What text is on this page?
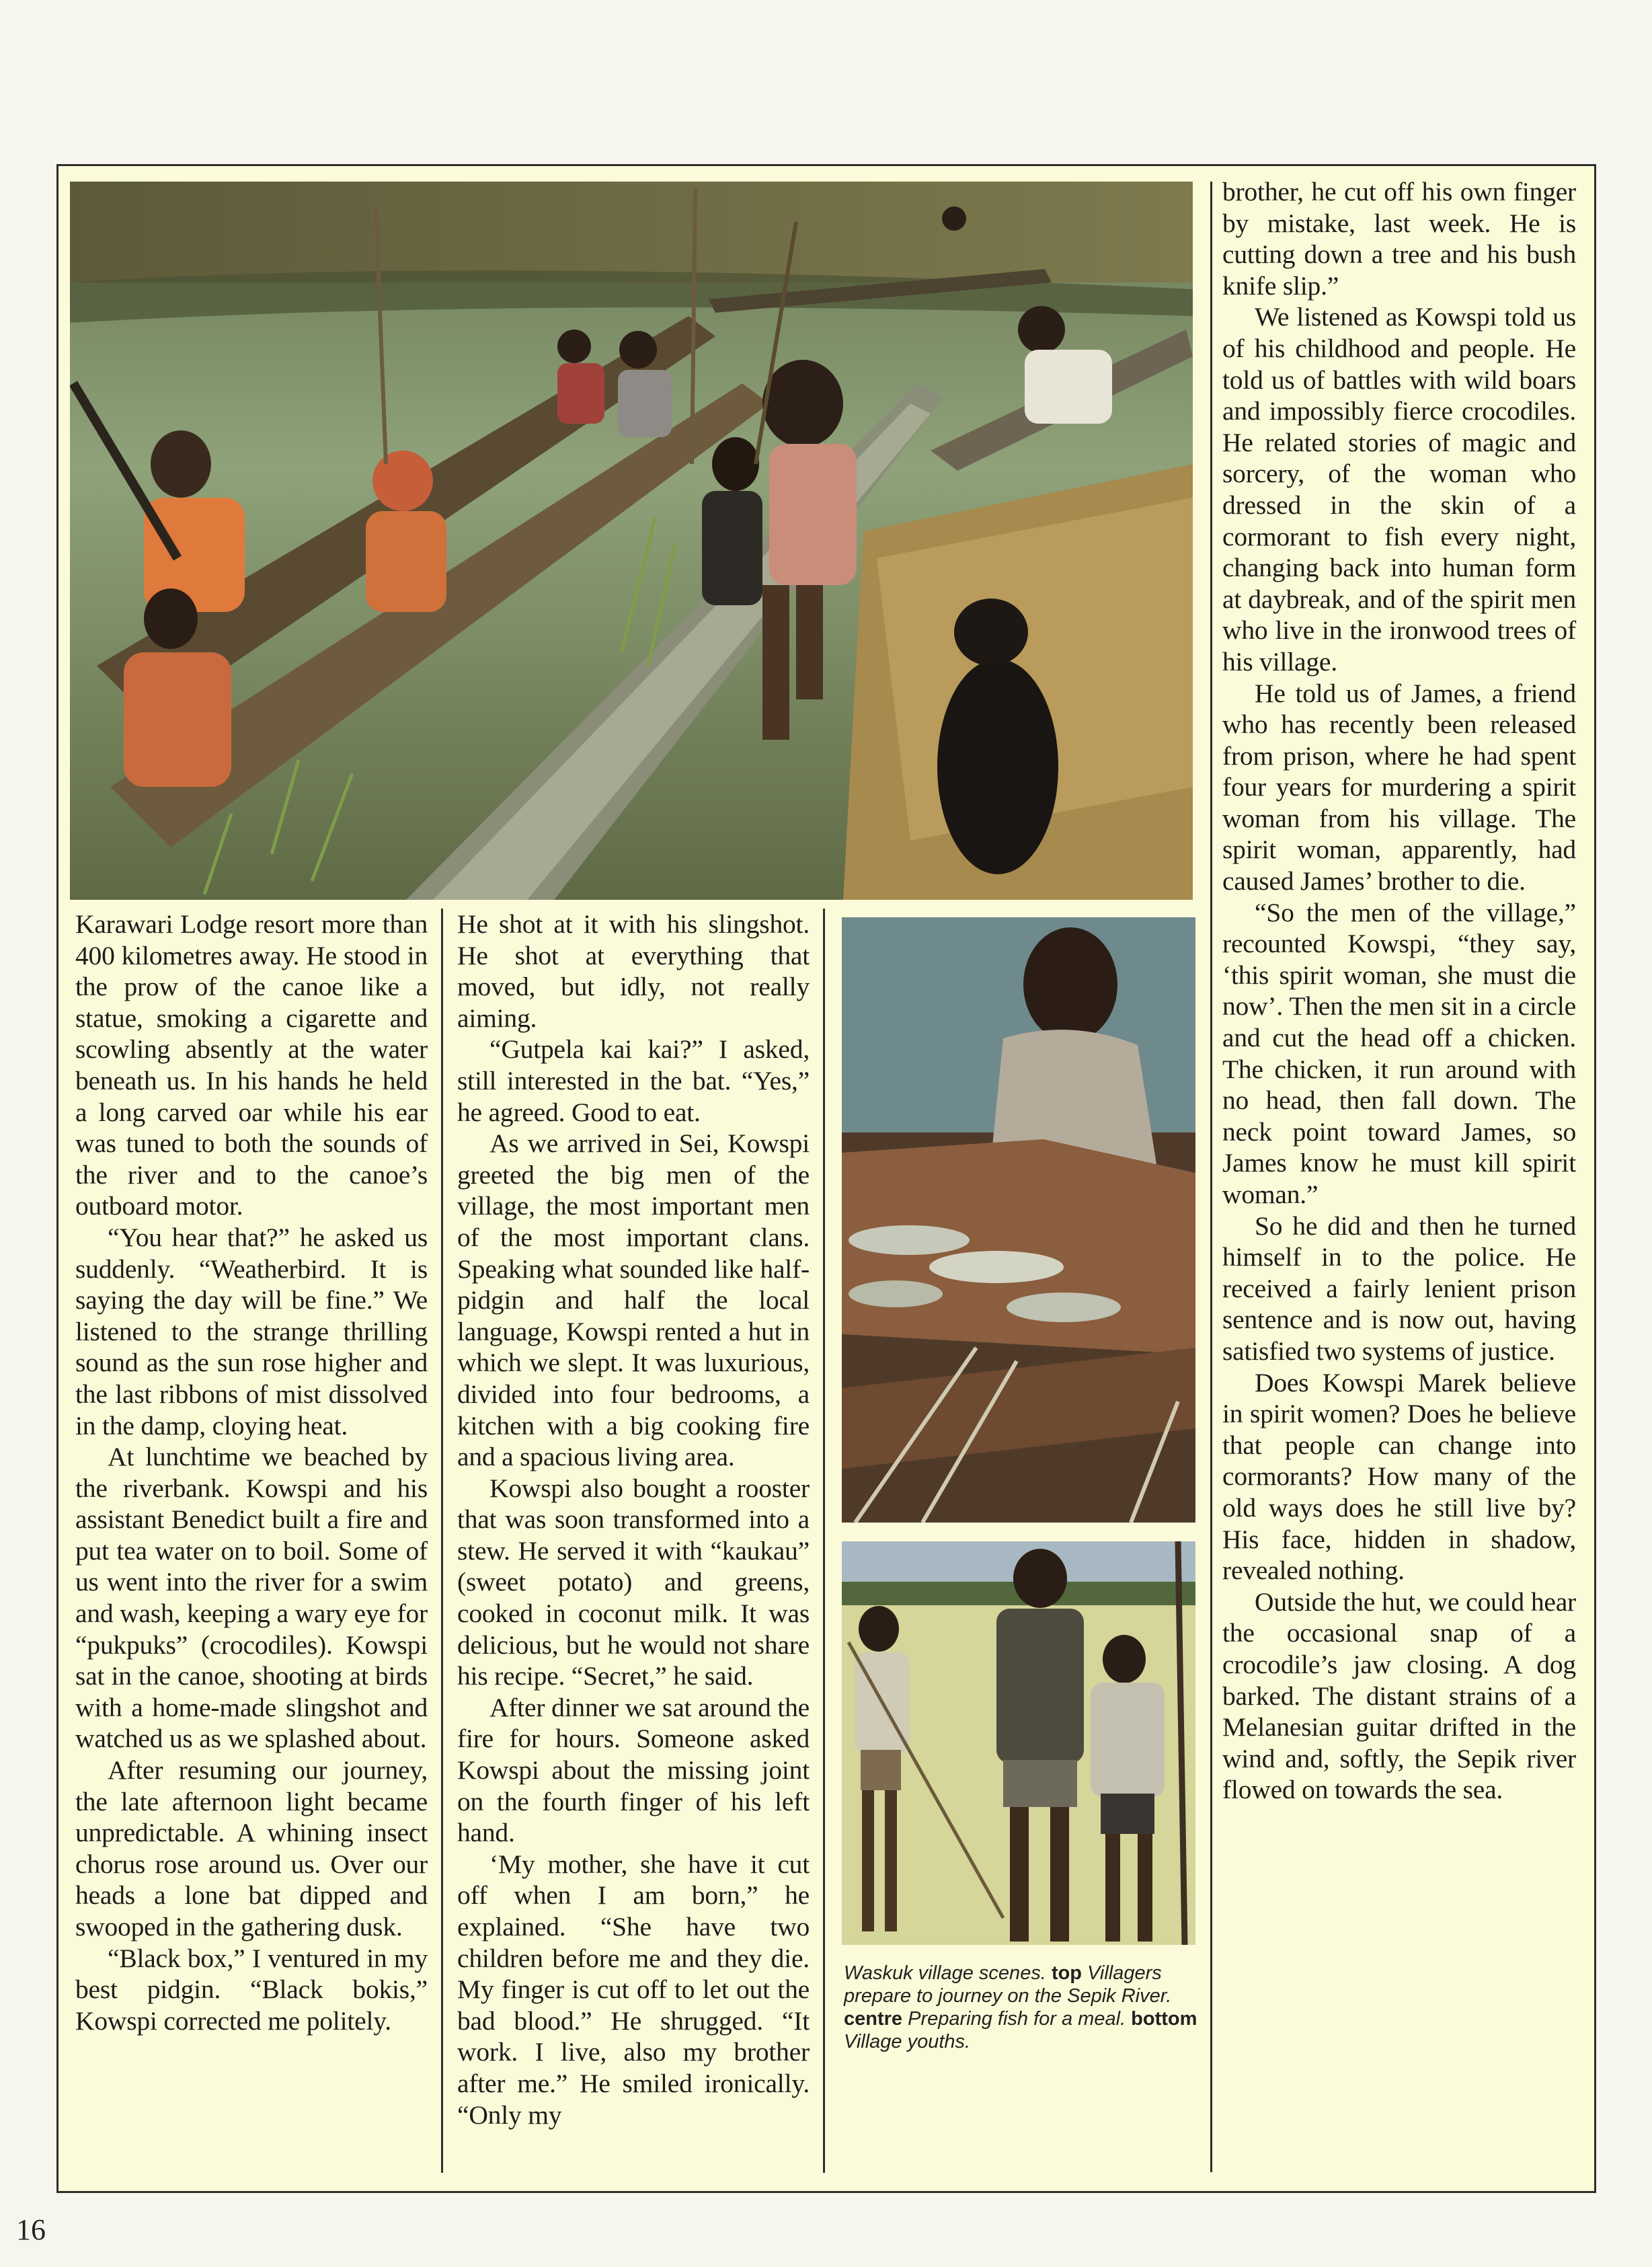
Karawari Lodge resort more than 400 kilometres away. He stood in the prow of the canoe like a statue, smoking a cigarette and scowling absently at the water beneath us. In his hands he held a long carved oar while his ear was tuned to both the sounds of the river and to the canoe’s outboard motor.

“You hear that?” he asked us suddenly. “Weatherbird. It is saying the day will be fine.” We listened to the strange thrilling sound as the sun rose higher and the last ribbons of mist dissolved in the damp, cloying heat.

At lunchtime we beached by the riverbank. Kowspi and his assistant Benedict built a fire and put tea water on to boil. Some of us went into the river for a swim and wash, keeping a wary eye for “pukpuks” (crocodiles). Kowspi sat in the canoe, shooting at birds with a home-made slingshot and watched us as we splashed about.

After resuming our journey, the late afternoon light became unpredictable. A whining insect chorus rose around us. Over our heads a lone bat dipped and swooped in the gathering dusk.

“Black box,” I ventured in my best pidgin. “Black bokis,” Kowspi corrected me politely.

He shot at it with his slingshot. He shot at everything that moved, but idly, not really aiming.

“Gutpela kai kai?” I asked, still interested in the bat. “Yes,” he agreed. Good to eat.

As we arrived in Sei, Kowspi greeted the big men of the village, the most important men of the most important clans. Speaking what sounded like half-pidgin and half the local language, Kowspi rented a hut in which we slept. It was luxurious, divided into four bedrooms, a kitchen with a big cooking fire and a spacious living area.

Kowspi also bought a rooster that was soon transformed into a stew. He served it with “kaukau” (sweet potato) and greens, cooked in coconut milk. It was delicious, but he would not share his recipe. “Secret,” he said.

After dinner we sat around the fire for hours. Someone asked Kowspi about the missing joint on the fourth finger of his left hand.

‘My mother, she have it cut off when I am born,” he explained. “She have two children before me and they die. My finger is cut off to let out the bad blood.” He shrugged. “It work. I live, also my brother after me.” He smiled ironically. “Only my

brother, he cut off his own finger by mistake, last week. He is cutting down a tree and his bush knife slip.”

We listened as Kowspi told us of his childhood and people. He told us of battles with wild boars and impossibly fierce crocodiles. He related stories of magic and sorcery, of the woman who dressed in the skin of a cormorant to fish every night, changing back into human form at daybreak, and of the spirit men who live in the ironwood trees of his village.

He told us of James, a friend who has recently been released from prison, where he had spent four years for murdering a spirit woman from his village. The spirit woman, apparently, had caused James’ brother to die.

“So the men of the village,” recounted Kowspi, “they say, ‘this spirit woman, she must die now’. Then the men sit in a circle and cut the head off a chicken. The chicken, it run around with no head, then fall down. The neck point toward James, so James know he must kill spirit woman.”

So he did and then he turned himself in to the police. He received a fairly lenient prison sentence and is now out, having satisfied two systems of justice.

Does Kowspi Marek believe in spirit women? Does he believe that people can change into cormorants? How many of the old ways does he still live by? His face, hidden in shadow, revealed nothing.

Outside the hut, we could hear the occasional snap of a crocodile’s jaw closing. A dog barked. The distant strains of a Melanesian guitar drifted in the wind and, softly, the Sepik river flowed on towards the sea.

Waskuk village scenes. top Villagers prepare to journey on the Sepik River. centre Preparing fish for a meal. bottom Village youths.
16
